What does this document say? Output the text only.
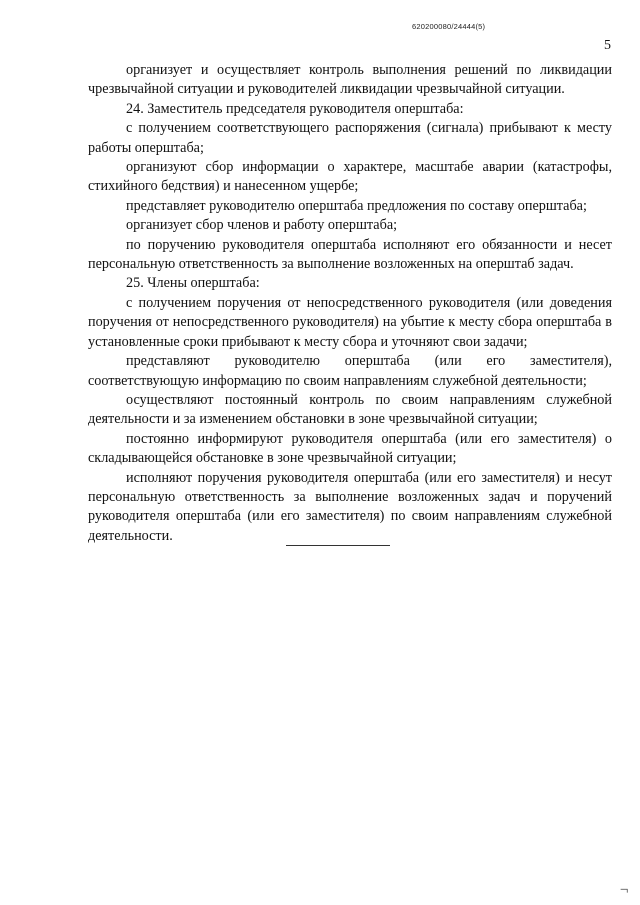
620200080/24444(5)
5

организует и осуществляет контроль выполнения решений по ликвидации чрезвычайной ситуации и руководителей ликвидации чрезвычайной ситуации.

24. Заместитель председателя руководителя оперштаба:

с получением соответствующего распоряжения (сигнала) прибывают к месту работы оперштаба;

организуют сбор информации о характере, масштабе аварии (катастрофы, стихийного бедствия) и нанесенном ущербе;

представляет руководителю оперштаба предложения по составу оперштаба;

организует сбор членов и работу оперштаба;

по поручению руководителя оперштаба исполняют его обязанности и несет персональную ответственность за выполнение возложенных на оперштаб задач.

25. Члены оперштаба:

с получением поручения от непосредственного руководителя (или доведения поручения от непосредственного руководителя) на убытие к месту сбора оперштаба в установленные сроки прибывают к месту сбора и уточняют свои задачи;

представляют руководителю оперштаба (или его заместителя), соответствующую информацию по своим направлениям служебной деятельности;

осуществляют постоянный контроль по своим направлениям служебной деятельности и за изменением обстановки в зоне чрезвычайной ситуации;

постоянно информируют руководителя оперштаба (или его заместителя) о складывающейся обстановке в зоне чрезвычайной ситуации;

исполняют поручения руководителя оперштаба (или его заместителя) и несут персональную ответственность за выполнение возложенных задач и поручений руководителя оперштаба (или его заместителя) по своим направлениям служебной деятельности.

¬
